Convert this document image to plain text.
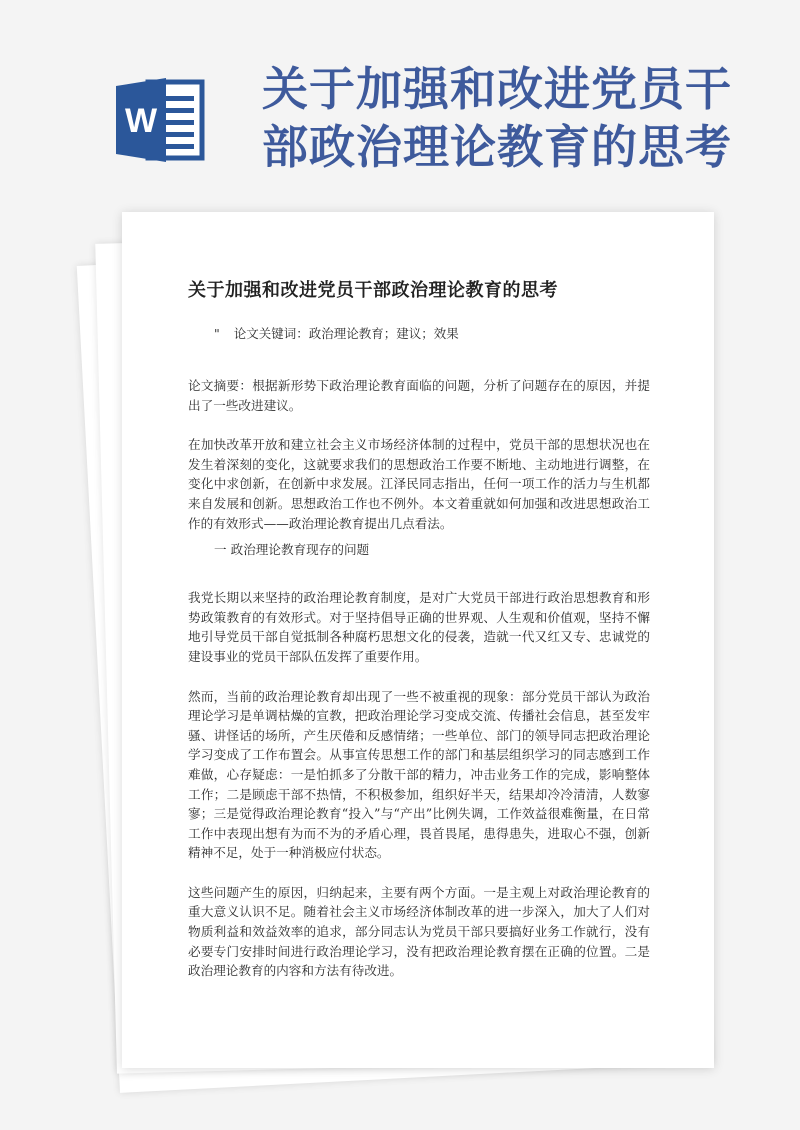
W
关于加强和改进党员干
部政治理论教育的思考
关于加强和改进党员干部政治理论教育的思考
" 论文关键词：政治理论教育；建议；效果

论文摘要：根据新形势下政治理论教育面临的问题，分析了问题存在的原因，并提出了一些改进建议。

在加快改革开放和建立社会主义市场经济体制的过程中，党员干部的思想状况也在发生着深刻的变化，这就要求我们的思想政治工作要不断地、主动地进行调整，在变化中求创新，在创新中求发展。江泽民同志指出，任何一项工作的活力与生机都来自发展和创新。思想政治工作也不例外。本文着重就如何加强和改进思想政治工作的有效形式——政治理论教育提出几点看法。

一 政治理论教育现存的问题

我党长期以来坚持的政治理论教育制度，是对广大党员干部进行政治思想教育和形势政策教育的有效形式。对于坚持倡导正确的世界观、人生观和价值观，坚持不懈地引导党员干部自觉抵制各种腐朽思想文化的侵袭，造就一代又红又专、忠诚党的建设事业的党员干部队伍发挥了重要作用。

然而，当前的政治理论教育却出现了一些不被重视的现象：部分党员干部认为政治理论学习是单调枯燥的宣教，把政治理论学习变成交流、传播社会信息，甚至发牢骚、讲怪话的场所，产生厌倦和反感情绪；一些单位、部门的领导同志把政治理论学习变成了工作布置会。从事宣传思想工作的部门和基层组织学习的同志感到工作难做，心存疑虑：一是怕抓多了分散干部的精力，冲击业务工作的完成，影响整体工作；二是顾虑干部不热情，不积极参加，组织好半天，结果却冷冷清清，人数寥寥；三是觉得政治理论教育“投入”与“产出”比例失调，工作效益很难衡量，在日常工作中表现出想有为而不为的矛盾心理，畏首畏尾，患得患失，进取心不强，创新精神不足，处于一种消极应付状态。

这些问题产生的原因，归纳起来，主要有两个方面。一是主观上对政治理论教育的重大意义认识不足。随着社会主义市场经济体制改革的进一步深入，加大了人们对物质利益和效益效率的追求，部分同志认为党员干部只要搞好业务工作就行，没有必要专门安排时间进行政治理论学习，没有把政治理论教育摆在正确的位置。二是政治理论教育的内容和方法有待改进。
